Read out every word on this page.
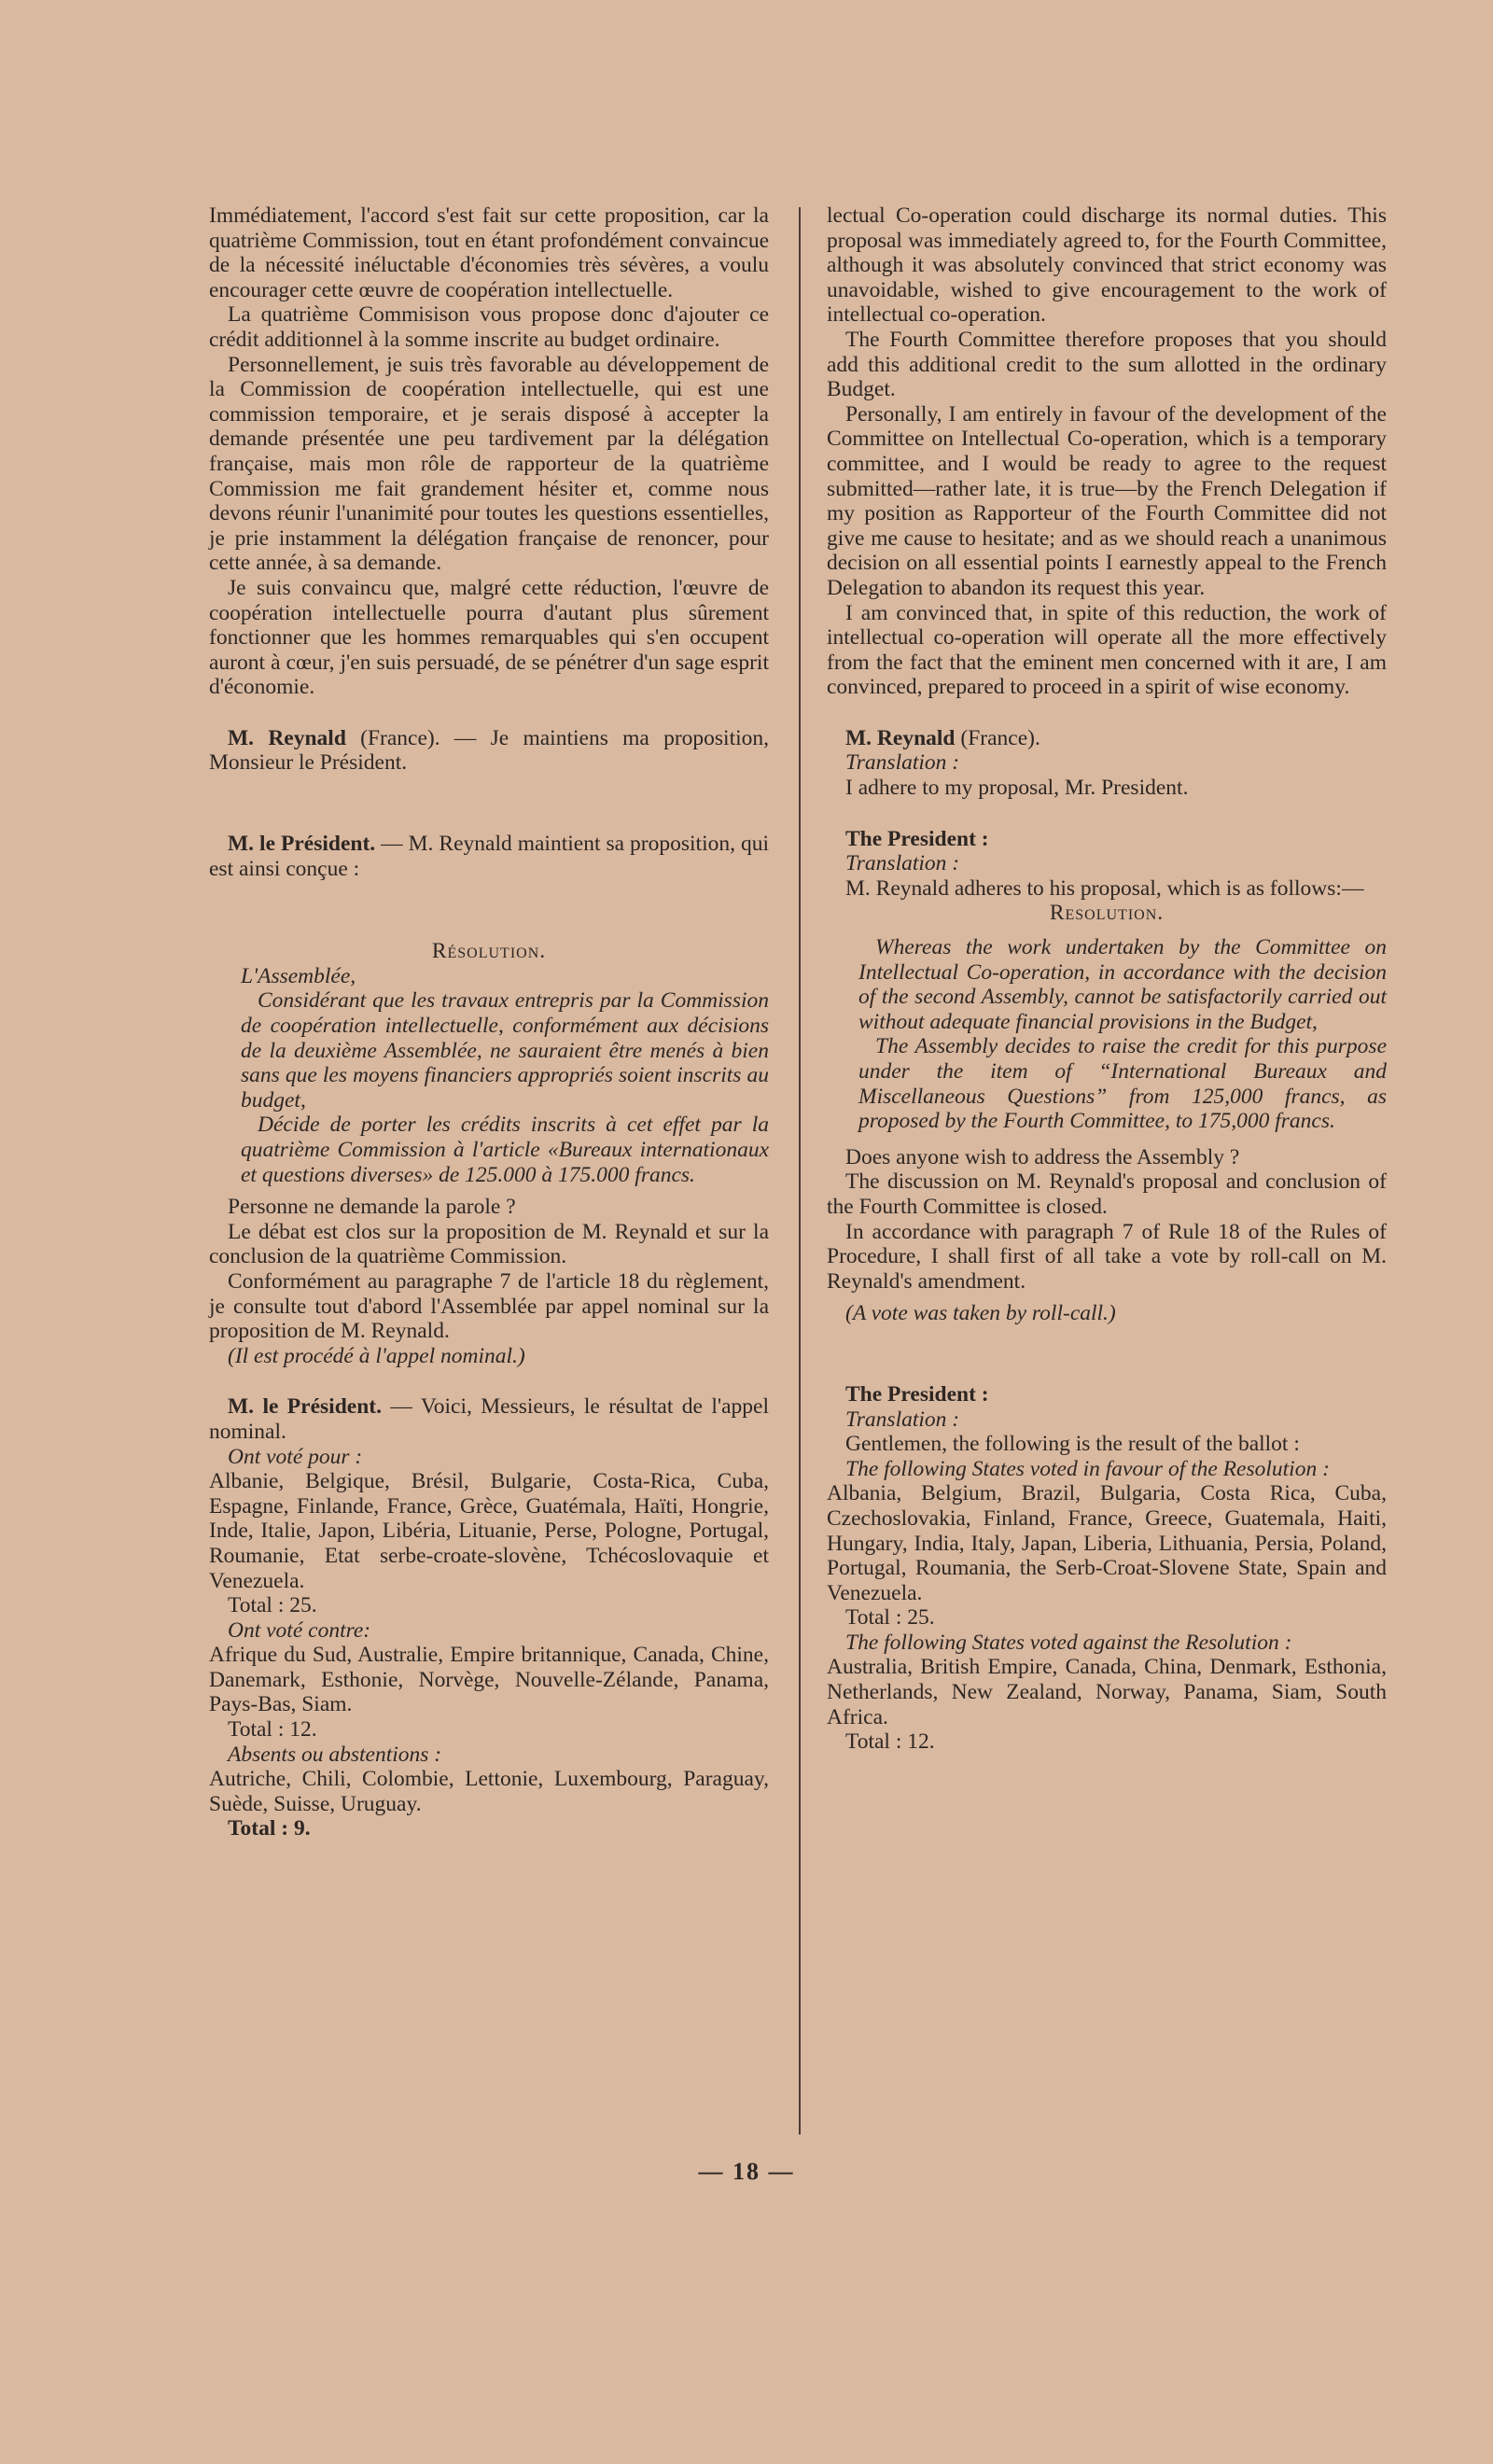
Immédiatement, l'accord s'est fait sur cette proposition, car la quatrième Commission, tout en étant profondément convaincue de la nécessité inéluctable d'économies très sévères, a voulu encourager cette œuvre de coopération intellectuelle.

La quatrième Commisison vous propose donc d'ajouter ce crédit additionnel à la somme inscrite au budget ordinaire.

Personnellement, je suis très favorable au développement de la Commission de coopération intellectuelle, qui est une commission temporaire, et je serais disposé à accepter la demande présentée une peu tardivement par la délégation française, mais mon rôle de rapporteur de la quatrième Commission me fait grandement hésiter et, comme nous devons réunir l'unanimité pour toutes les questions essentielles, je prie instamment la délégation française de renoncer, pour cette année, à sa demande.

Je suis convaincu que, malgré cette réduction, l'œuvre de coopération intellectuelle pourra d'autant plus sûrement fonctionner que les hommes remarquables qui s'en occupent auront à cœur, j'en suis persuadé, de se pénétrer d'un sage esprit d'économie.

M. Reynald (France). — Je maintiens ma proposition, Monsieur le Président.

M. le Président. — M. Reynald maintient sa proposition, qui est ainsi conçue :

Résolution.

L'Assemblée,

Considérant que les travaux entrepris par la Commission de coopération intellectuelle, conformément aux décisions de la deuxième Assemblée, ne sauraient être menés à bien sans que les moyens financiers appropriés soient inscrits au budget,

Décide de porter les crédits inscrits à cet effet par la quatrième Commission à l'article «Bureaux internationaux et questions diverses» de 125.000 à 175.000 francs.

Personne ne demande la parole ?

Le débat est clos sur la proposition de M. Reynald et sur la conclusion de la quatrième Commission.

Conformément au paragraphe 7 de l'article 18 du règlement, je consulte tout d'abord l'Assemblée par appel nominal sur la proposition de M. Reynald.

(Il est procédé à l'appel nominal.)

M. le Président. — Voici, Messieurs, le résultat de l'appel nominal.

Ont voté pour :

Albanie, Belgique, Brésil, Bulgarie, Costa-Rica, Cuba, Espagne, Finlande, France, Grèce, Guatémala, Haïti, Hongrie, Inde, Italie, Japon, Libéria, Lituanie, Perse, Pologne, Portugal, Roumanie, Etat serbe-croate-slovène, Tchécoslovaquie et Venezuela.

Total : 25.

Ont voté contre:

Afrique du Sud, Australie, Empire britannique, Canada, Chine, Danemark, Esthonie, Norvège, Nouvelle-Zélande, Panama, Pays-Bas, Siam.

Total : 12.

Absents ou abstentions :

Autriche, Chili, Colombie, Lettonie, Luxembourg, Paraguay, Suède, Suisse, Uruguay.

Total : 9.

lectual Co-operation could discharge its normal duties. This proposal was immediately agreed to, for the Fourth Committee, although it was absolutely convinced that strict economy was unavoidable, wished to give encouragement to the work of intellectual co-operation.

The Fourth Committee therefore proposes that you should add this additional credit to the sum allotted in the ordinary Budget.

Personally, I am entirely in favour of the development of the Committee on Intellectual Co-operation, which is a temporary committee, and I would be ready to agree to the request submitted—rather late, it is true—by the French Delegation if my position as Rapporteur of the Fourth Committee did not give me cause to hesitate; and as we should reach a unanimous decision on all essential points I earnestly appeal to the French Delegation to abandon its request this year.

I am convinced that, in spite of this reduction, the work of intellectual co-operation will operate all the more effectively from the fact that the eminent men concerned with it are, I am convinced, prepared to proceed in a spirit of wise economy.

M. Reynald (France).

Translation :

I adhere to my proposal, Mr. President.

The President :

Translation :

M. Reynald adheres to his proposal, which is as follows:—

Resolution.

Whereas the work undertaken by the Committee on Intellectual Co-operation, in accordance with the decision of the second Assembly, cannot be satisfactorily carried out without adequate financial provisions in the Budget,

The Assembly decides to raise the credit for this purpose under the item of “International Bureaux and Miscellaneous Questions” from 125,000 francs, as proposed by the Fourth Committee, to 175,000 francs.

Does anyone wish to address the Assembly ?

The discussion on M. Reynald's proposal and conclusion of the Fourth Committee is closed.

In accordance with paragraph 7 of Rule 18 of the Rules of Procedure, I shall first of all take a vote by roll-call on M. Reynald's amendment.

(A vote was taken by roll-call.)

The President :

Translation :

Gentlemen, the following is the result of the ballot :

The following States voted in favour of the Resolution :

Albania, Belgium, Brazil, Bulgaria, Costa Rica, Cuba, Czechoslovakia, Finland, France, Greece, Guatemala, Haiti, Hungary, India, Italy, Japan, Liberia, Lithuania, Persia, Poland, Portugal, Roumania, the Serb-Croat-Slovene State, Spain and Venezuela.

Total : 25.

The following States voted against the Resolution :

Australia, British Empire, Canada, China, Denmark, Esthonia, Netherlands, New Zealand, Norway, Panama, Siam, South Africa.

Total : 12.

— 18 —
